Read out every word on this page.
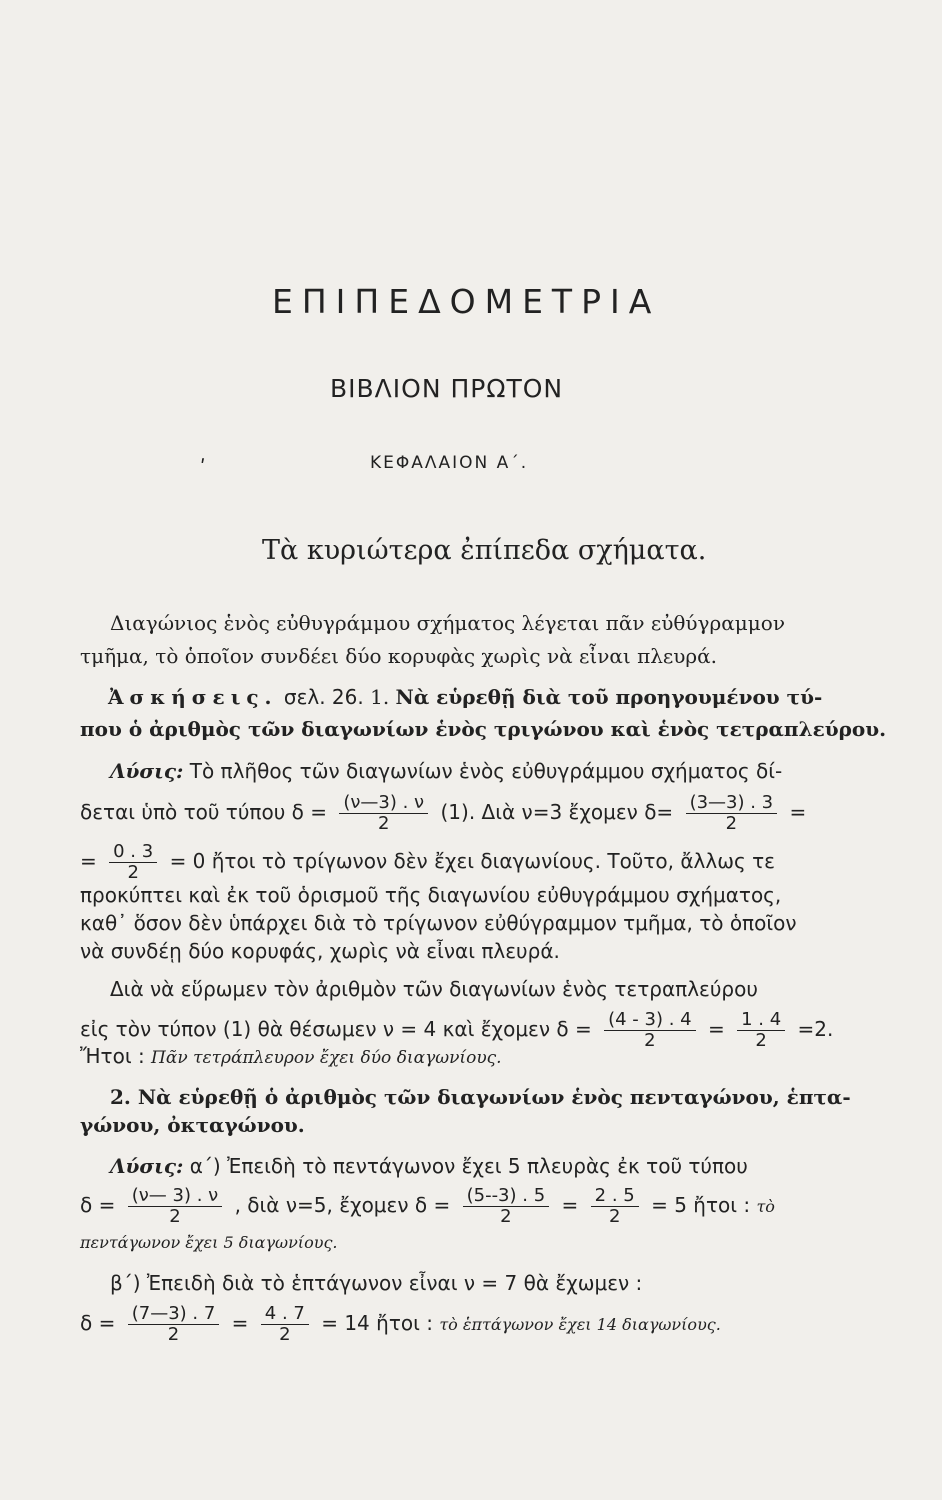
ΕΠΙΠΕΔΟΜΕΤΡΙΑ
ΒΙΒΛΙΟΝ ΠΡΩΤΟΝ
ʹ	ΚΕΦΑΛΑΙΟΝ Α΄.
Τὰ κυριώτερα ἐπίπεδα σχήματα.
Διαγώνιος ἑνὸς εὐθυγράμμου σχήματος λέγεται πᾶν εὐθύγραμμον
τμῆμα, τὸ ὁποῖον συνδέει δύο κορυφὰς χωρὶς νὰ εἶναι πλευρά.
Ἀσκήσεις. σελ. 26. 1. Νὰ εὑρεθῇ διὰ τοῦ προηγουμένου τύ-
που ὁ ἀριθμὸς τῶν διαγωνίων ἑνὸς τριγώνου καὶ ἑνὸς τετραπλεύρου.
Λύσις: Τὸ πλῆθος τῶν διαγωνίων ἑνὸς εὐθυγράμμου σχήματος δί-
δεται ὑπὸ τοῦ τύπου $\delta = \frac{(\nu—3) . \nu}{2} (1)$. Διὰ ν=3 ἔχομεν $\delta= \frac{(3—3) . 3}{2}$ =
= $\frac{0 . 3}{2} = 0$ ἤτοι τὸ τρίγωνον δὲν ἔχει διαγωνίους. Τοῦτο, ἄλλως τε
προκύπτει καὶ ἐκ τοῦ ὁρισμοῦ τῆς διαγωνίου εὐθυγράμμου σχήματος,
καθ᾽ ὅσον δὲν ὑπάρχει διὰ τὸ τρίγωνον εὐθύγραμμον τμῆμα, τὸ ὁποῖον
νὰ συνδέῃ δύο κορυφάς, χωρὶς νὰ εἶναι πλευρά.
Διὰ νὰ εὕρωμεν τὸν ἀριθμὸν τῶν διαγωνίων ἑνὸς τετραπλεύρου
εἰς τὸν τύπον (1) θὰ θέσωμεν ν = 4 καὶ ἔχομεν $\delta = \frac{(4 - 3) . 4}{2} = \frac{1 . 4}{2} =2$.
Ἤτοι : Πᾶν τετράπλευρον ἔχει δύο διαγωνίους.
2. Νὰ εὑρεθῇ ὁ ἀριθμὸς τῶν διαγωνίων ἑνὸς πενταγώνου, ἑπτα-
γώνου, ὀκταγώνου.
Λύσις: α΄) Ἐπειδὴ τὸ πεντάγωνον ἔχει 5 πλευρὰς ἐκ τοῦ τύπου
$\delta = \frac{(\nu— 3) . \nu}{2}$ , διὰ ν=5, ἔχομεν $\delta = \frac{(5--3) . 5}{2} = \frac{2 . 5}{2} = 5$ ἤτοι : τὸ
πεντάγωνον ἔχει 5 διαγωνίους.
β΄) Ἐπειδὴ διὰ τὸ ἑπτάγωνον εἶναι ν = 7 θὰ ἔχωμεν :
$\delta = \frac{(7—3) . 7}{2} = \frac{4 . 7}{2} = 14$ ἤτοι : τὸ ἑπτάγωνον ἔχει 14 διαγωνίους.
